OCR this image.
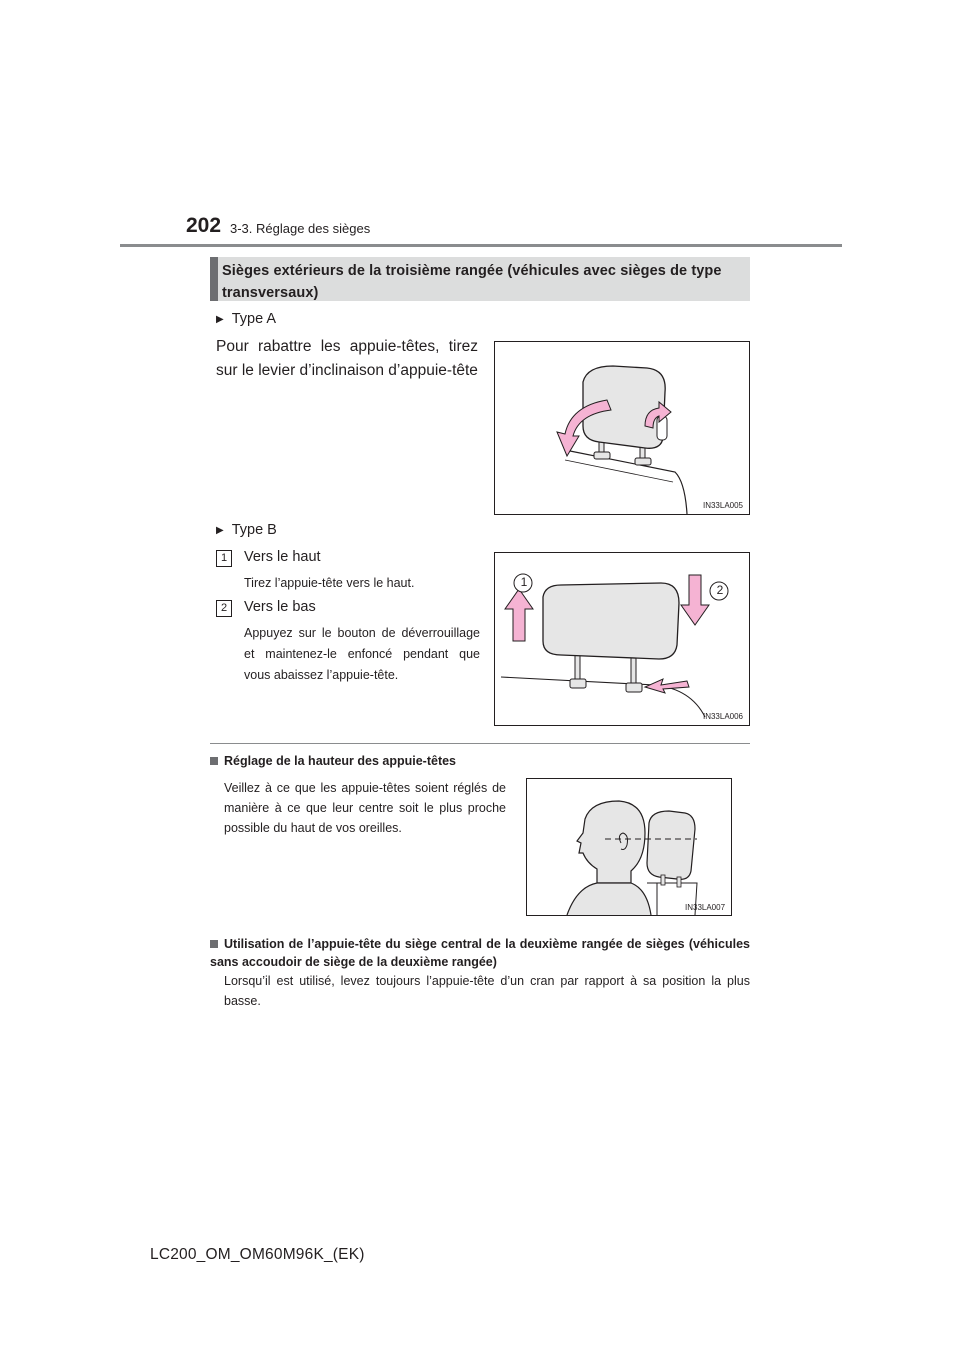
202 3-3. Réglage des sièges
Sièges extérieurs de la troisième rangée (véhicules avec sièges de type transversaux)
▶ Type A
Pour rabattre les appuie-têtes, tirez sur le levier d’inclinaison d’appuie-tête
IN33LA005
▶ Type B
1	Vers le haut
Tirez l’appuie-tête vers le haut.
2	Vers le bas
Appuyez sur le bouton de déverrouillage et maintenez-le enfoncé pendant que vous abaissez l’appuie-tête.
1
2
IN33LA006
Réglage de la hauteur des appuie-têtes
Veillez à ce que les appuie-têtes soient réglés de manière à ce que leur centre soit le plus proche possible du haut de vos oreilles.
IN33LA007
Utilisation de l’appuie-tête du siège central de la deuxième rangée de sièges (véhicules sans accoudoir de siège de la deuxième rangée)
Lorsqu’il est utilisé, levez toujours l’appuie-tête d’un cran par rapport à sa position la plus basse.
LC200_OM_OM60M96K_(EK)
